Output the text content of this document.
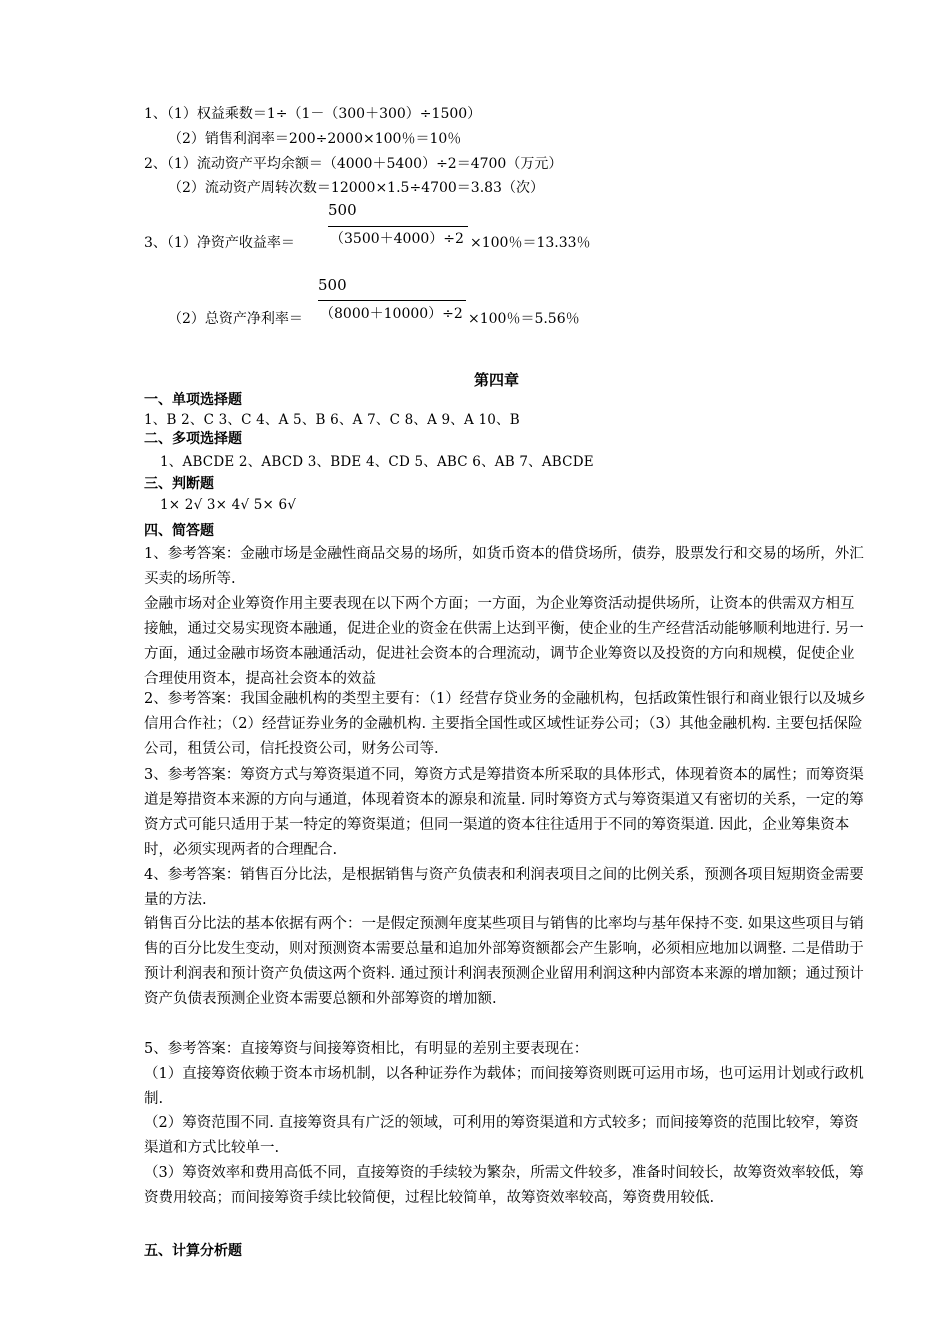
1、（1）权益乘数＝1÷（1－（300＋300）÷1500）
（2）销售利润率＝200÷2000×100％＝10％
2、（1）流动资产平均余额＝（4000＋5400）÷2＝4700（万元）
（2）流动资产周转次数＝12000×1.5÷4700＝3.83（次）
500
3、（1）净资产收益率＝	（3500＋4000）÷2 ×100％＝13.33％
500
（2）总资产净利率＝ （8000＋10000）÷2 ×100％＝5.56％
第四章
一、单项选择题
1、B 2、C 3、C 4、A 5、B 6、A 7、C 8、A 9、A 10、B
二、多项选择题
1、ABCDE 2、ABCD 3、BDE 4、CD 5、ABC 6、AB 7、ABCDE
三、判断题
1× 2√ 3× 4√ 5× 6√
四、简答题
1、参考答案：金融市场是金融性商品交易的场所，如货币资本的借贷场所，债券，股票发行和交易的场所，外汇买卖的场所等.
金融市场对企业筹资作用主要表现在以下两个方面；一方面，为企业筹资活动提供场所，让资本的供需双方相互接触，通过交易实现资本融通，促进企业的资金在供需上达到平衡，使企业的生产经营活动能够顺利地进行. 另一方面，通过金融市场资本融通活动，促进社会资本的合理流动，调节企业筹资以及投资的方向和规模，促使企业合理使用资本，提高社会资本的效益
2、参考答案：我国金融机构的类型主要有：（1）经营存贷业务的金融机构，包括政策性银行和商业银行以及城乡信用合作社；（2）经营证券业务的金融机构. 主要指全国性或区域性证券公司；（3）其他金融机构. 主要包括保险公司，租赁公司，信托投资公司，财务公司等.
3、参考答案：筹资方式与筹资渠道不同，筹资方式是筹措资本所采取的具体形式，体现着资本的属性；而筹资渠道是筹措资本来源的方向与通道，体现着资本的源泉和流量. 同时筹资方式与筹资渠道又有密切的关系，一定的筹资方式可能只适用于某一特定的筹资渠道；但同一渠道的资本往往适用于不同的筹资渠道. 因此，企业筹集资本时，必须实现两者的合理配合.
4、参考答案：销售百分比法，是根据销售与资产负债表和利润表项目之间的比例关系，预测各项目短期资金需要量的方法.
销售百分比法的基本依据有两个：一是假定预测年度某些项目与销售的比率均与基年保持不变. 如果这些项目与销售的百分比发生变动，则对预测资本需要总量和追加外部筹资额都会产生影响，必须相应地加以调整. 二是借助于预计利润表和预计资产负债这两个资料. 通过预计利润表预测企业留用利润这种内部资本来源的增加额；通过预计资产负债表预测企业资本需要总额和外部筹资的增加额.
5、参考答案：直接筹资与间接筹资相比，有明显的差别主要表现在：
（1）直接筹资依赖于资本市场机制，以各种证券作为载体；而间接筹资则既可运用市场，也可运用计划或行政机制.
（2）筹资范围不同. 直接筹资具有广泛的领域，可利用的筹资渠道和方式较多；而间接筹资的范围比较窄，筹资渠道和方式比较单一.
（3）筹资效率和费用高低不同，直接筹资的手续较为繁杂，所需文件较多，准备时间较长，故筹资效率较低，筹资费用较高；而间接筹资手续比较简便，过程比较简单，故筹资效率较高，筹资费用较低.
五、计算分析题
